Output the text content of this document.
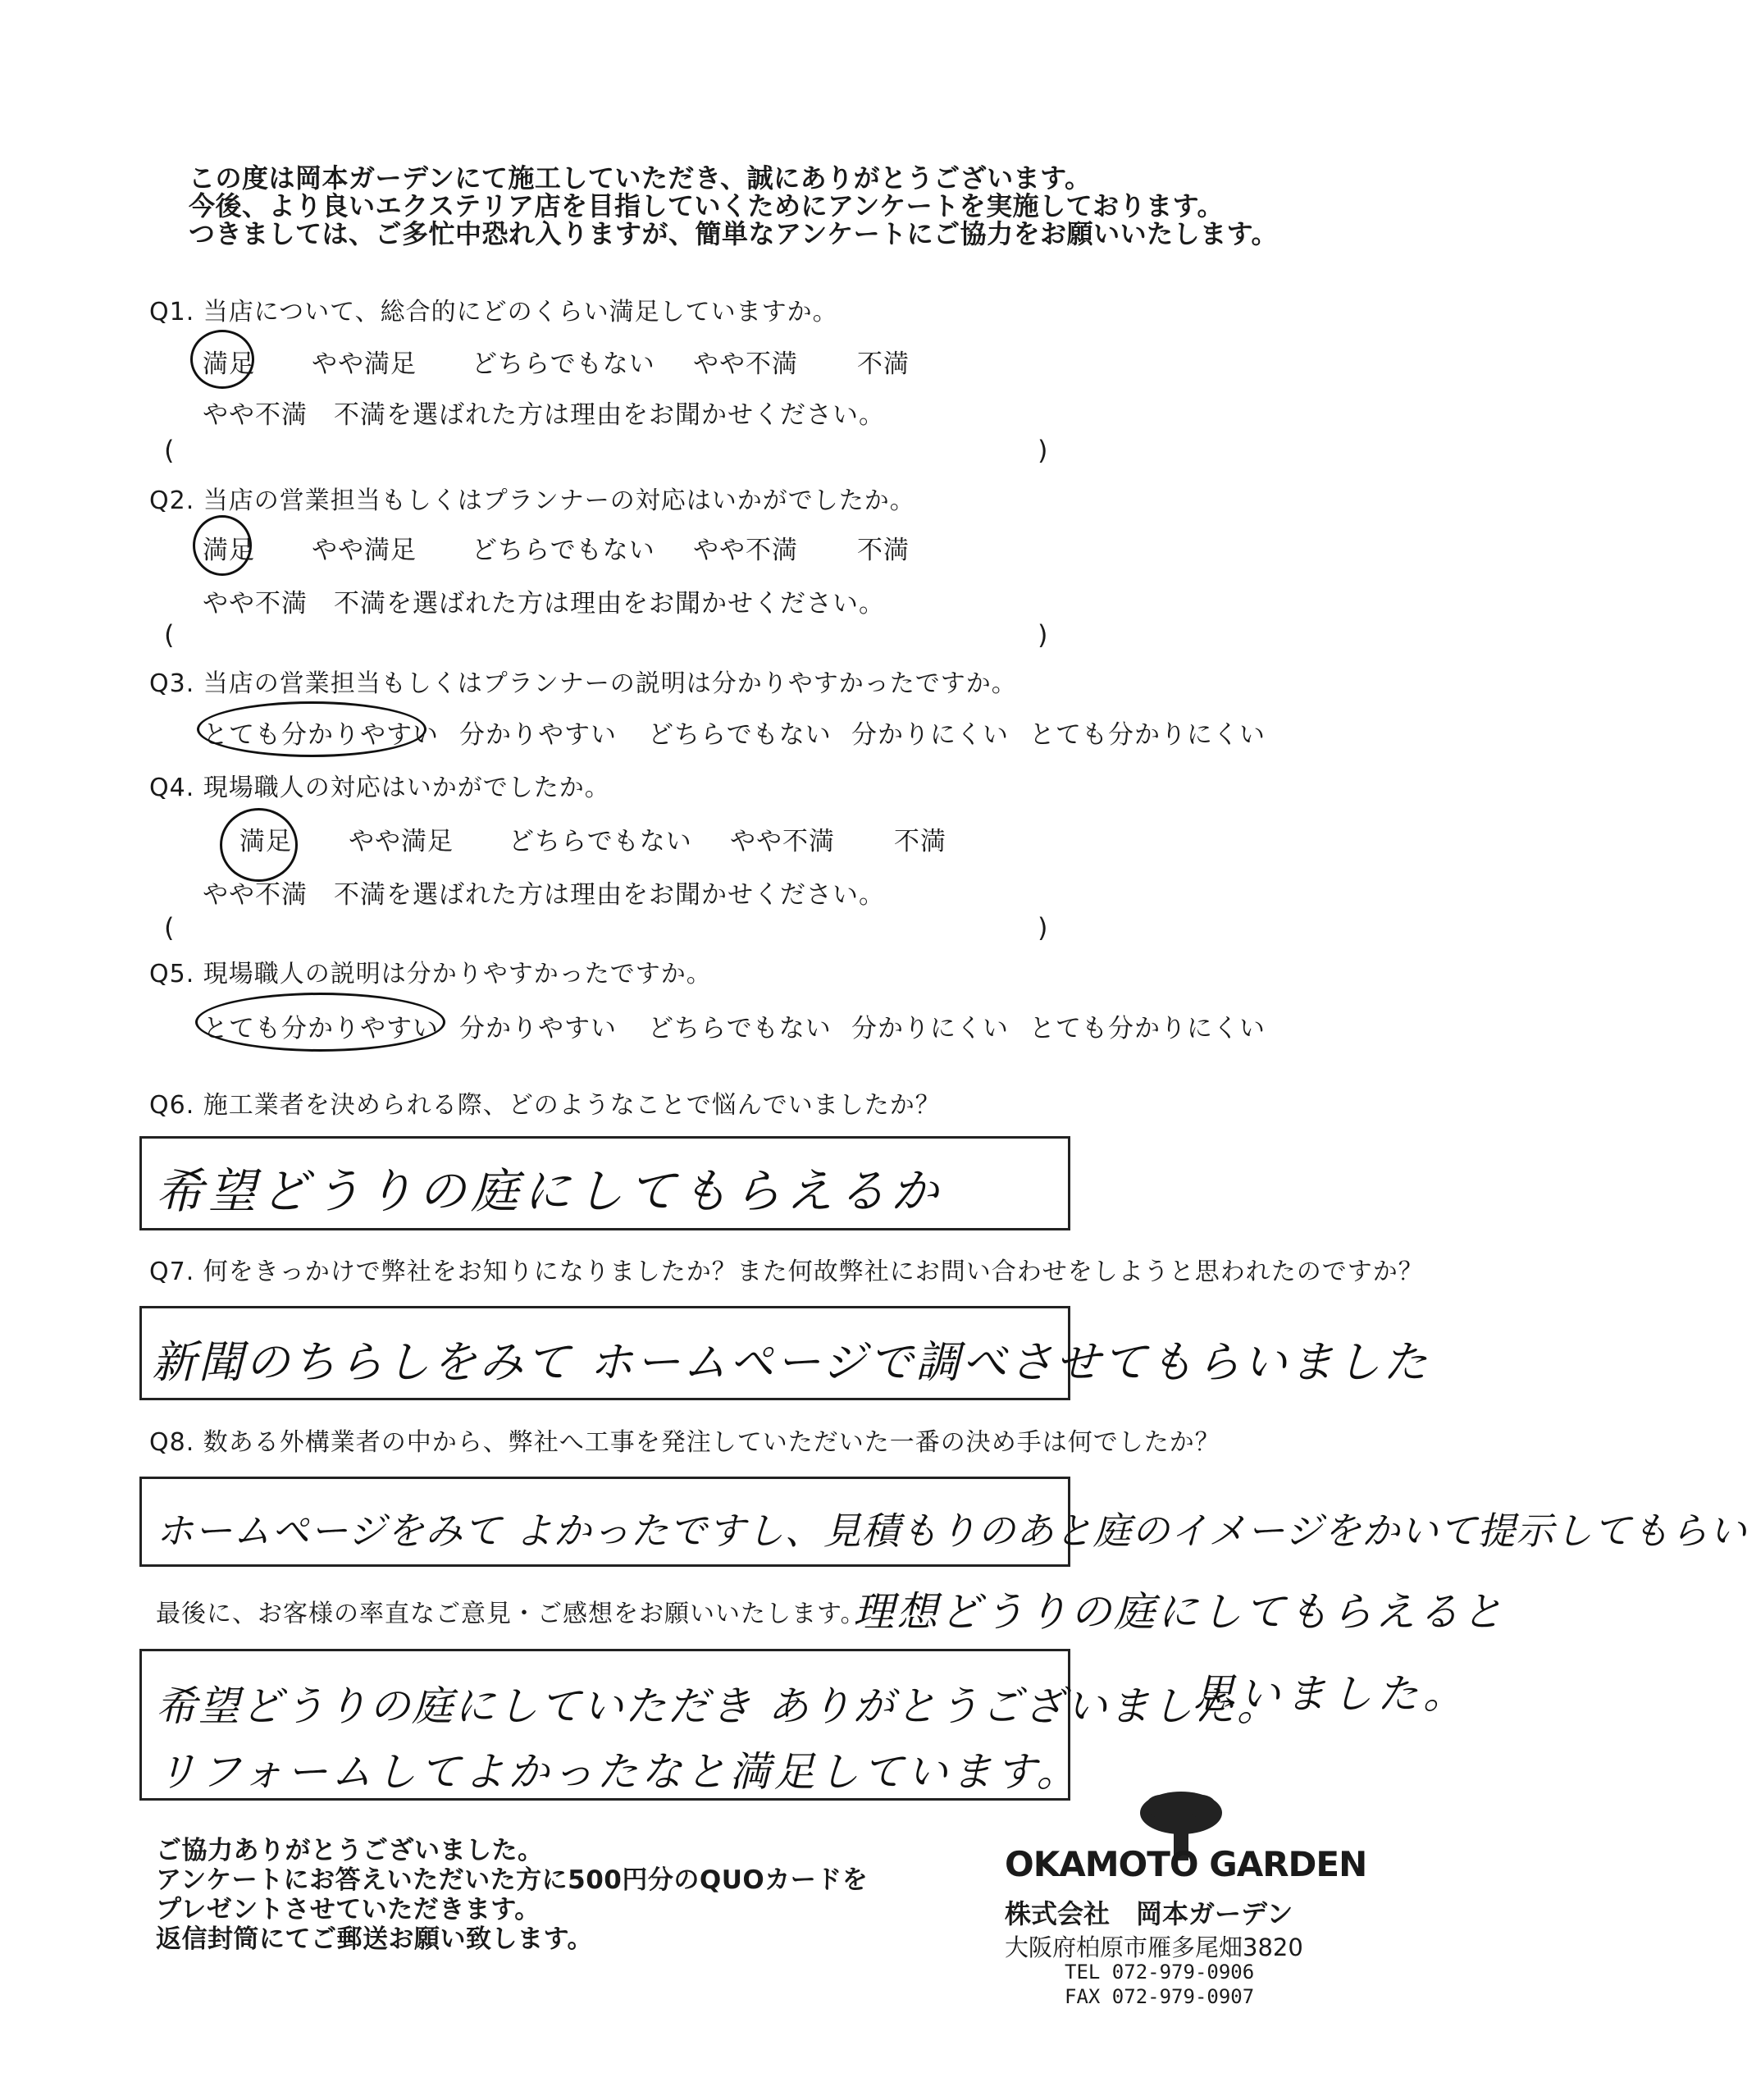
この度は岡本ガーデンにて施工していただき、誠にありがとうございます。
今後、より良いエクステリア店を目指していくためにアンケートを実施しております。
つきましては、ご多忙中恐れ入りますが、簡単なアンケートにご協力をお願いいたします。
Q1. 当店について、総合的にどのくらい満足していますか。
満足 やや満足 どちらでもない やや不満 不満
やや不満　不満を選ばれた方は理由をお聞かせください。
(	)
Q2. 当店の営業担当もしくはプランナーの対応はいかがでしたか。
満足 やや満足 どちらでもない やや不満 不満
やや不満　不満を選ばれた方は理由をお聞かせください。
(	)
Q3. 当店の営業担当もしくはプランナーの説明は分かりやすかったですか。
とても分かりやすい 分かりやすい どちらでもない 分かりにくい とても分かりにくい
Q4. 現場職人の対応はいかがでしたか。
満足 やや満足 どちらでもない やや不満 不満
やや不満　不満を選ばれた方は理由をお聞かせください。
(	)
Q5. 現場職人の説明は分かりやすかったですか。
とても分かりやすい 分かりやすい どちらでもない 分かりにくい とても分かりにくい
Q6. 施工業者を決められる際、どのようなことで悩んでいましたか？
希望どうりの庭にしてもらえるか
Q7. 何をきっかけで弊社をお知りになりましたか？また何故弊社にお問い合わせをしようと思われたのですか？
新聞のちらしをみて ホームページで調べさせてもらいました
Q8. 数ある外構業者の中から、弊社へ工事を発注していただいた一番の決め手は何でしたか？
ホームページをみて よかったですし、見積もりのあと庭のイメージをかいて提示してもらい
理想どうりの庭にしてもらえると
思いました。
最後に、お客様の率直なご意見・ご感想をお願いいたします。
希望どうりの庭にしていただき ありがとうございました。
リフォームしてよかったなと満足しています。
ご協力ありがとうございました。
アンケートにお答えいただいた方に500円分のQUOカードを
プレゼントさせていただきます。
返信封筒にてご郵送お願い致します。
OKAMOTO GARDEN
株式会社　岡本ガーデン
大阪府柏原市雁多尾畑3820
TEL 072-979-0906
FAX 072-979-0907
